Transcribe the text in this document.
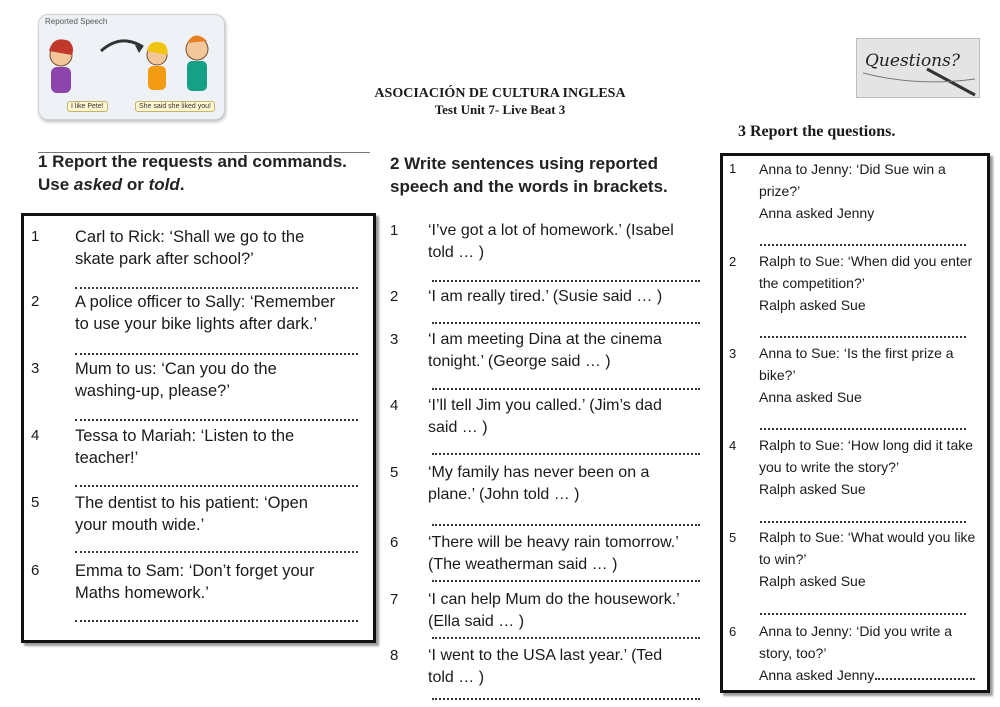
Reported Speech
I like Pete!	She said she liked you!
Questions?
ASOCIACIÓN DE CULTURA INGLESA
Test Unit 7- Live Beat 3
3 Report the questions.
1 Report the requests and commands.
Use asked or told.
2 Write sentences using reported
speech and the words in brackets.
1 Carl to Rick: ‘Shall we go to the
skate park after school?’
2 A police officer to Sally: ‘Remember
to use your bike lights after dark.’
3 Mum to us: ‘Can you do the
washing-up, please?’
4 Tessa to Mariah: ‘Listen to the
teacher!’
5 The dentist to his patient: ‘Open
your mouth wide.’
6 Emma to Sam: ‘Don’t forget your
Maths homework.’
1 ‘I’ve got a lot of homework.’ (Isabel
told … )
2 ‘I am really tired.’ (Susie said … )
3 ‘I am meeting Dina at the cinema
tonight.’ (George said … )
4 ‘I’ll tell Jim you called.’ (Jim’s dad
said … )
5 ‘My family has never been on a
plane.’ (John told … )
6 ‘There will be heavy rain tomorrow.’
(The weatherman said … )
7 ‘I can help Mum do the housework.’
(Ella said … )
8 ‘I went to the USA last year.’ (Ted
told … )
1 Anna to Jenny: ‘Did Sue win a
prize?’
Anna asked Jenny
2 Ralph to Sue: ‘When did you enter
the competition?’
Ralph asked Sue
3 Anna to Sue: ‘Is the first prize a
bike?’
Anna asked Sue
4 Ralph to Sue: ‘How long did it take
you to write the story?’
Ralph asked Sue
5 Ralph to Sue: ‘What would you like
to win?’
Ralph asked Sue
6 Anna to Jenny: ‘Did you write a
story, too?’
Anna asked Jenny
